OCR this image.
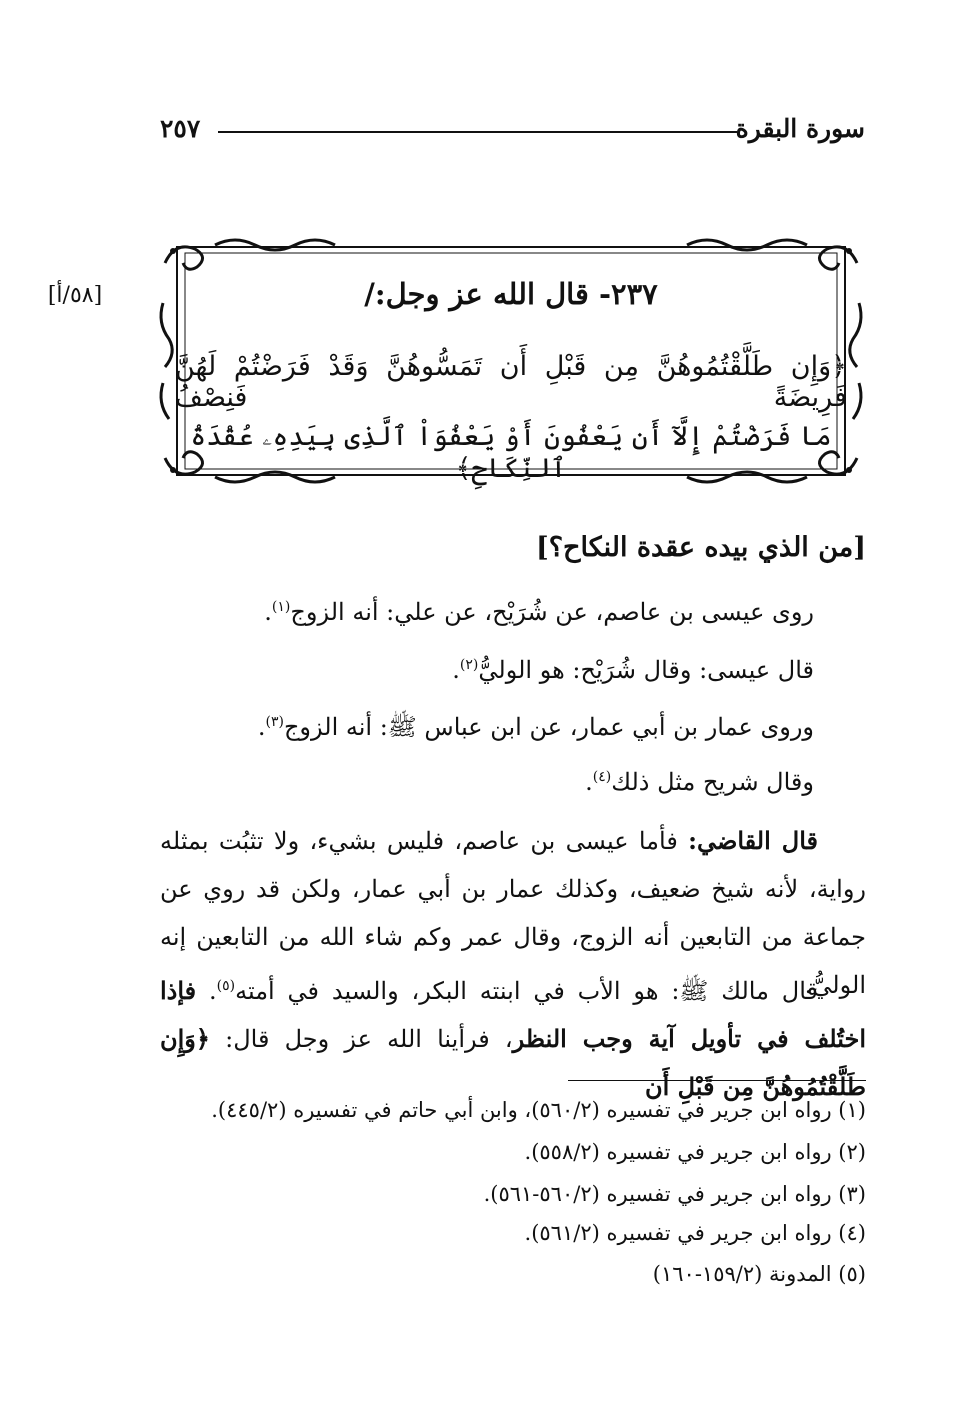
سورة البقرة
٢٥٧
[٥٨/أ]	٢٣٧- قال الله عز وجل:/
﴿وَإِن طَلَّقْتُمُوهُنَّ مِن قَبْلِ أَن تَمَسُّوهُنَّ وَقَدْ فَرَضْتُمْ لَهُنَّ فَرِيضَةً فَنِصْفُ
مَا فَرَضْتُمْ إِلَّآ أَن يَعْفُونَ أَوْ يَعْفُوَاْ ٱلَّذِى بِيَدِهِۦ عُقْدَةُ ٱلنِّكَاحِ﴾
[من الذي بيده عقدة النكاح؟]
روى عيسى بن عاصم، عن شُرَيْح، عن علي: أنه الزوج$^{(١)}$.
قال عيسى: وقال شُرَيْح: هو الوليُّ$^{(٢)}$.
وروى عمار بن أبي عمار، عن ابن عباس ﷺ: أنه الزوج$^{(٣)}$.
وقال شريح مثل ذلك$^{(٤)}$.
قال القاضي: فأما عيسى بن عاصم، فليس بشيء، ولا تثبُت بمثله رواية، لأنه شيخ ضعيف، وكذلك عمار بن أبي عمار، ولكن قد روي عن جماعة من التابعين أنه الزوج، وقال عمر وكم شاء الله من التابعين إنه الوليُّ.
قال مالك ﷺ: هو الأب في ابنته البكر، والسيد في أمته$^{(٥)}$. فإذا اختُلف في تأويل آية وجب النظر، فرأينا الله عز وجل قال: ﴿وَإِن طَلَّقْتُمُوهُنَّ مِن قَبْلِ أَن
(١) رواه ابن جرير في تفسيره (٥٦٠/٢)، وابن أبي حاتم في تفسيره (٤٤٥/٢).
(٢) رواه ابن جرير في تفسيره (٥٥٨/٢).
(٣) رواه ابن جرير في تفسيره (٥٦٠/٢-٥٦١).
(٤) رواه ابن جرير في تفسيره (٥٦١/٢).
(٥) المدونة (١٥٩/٢-١٦٠)
